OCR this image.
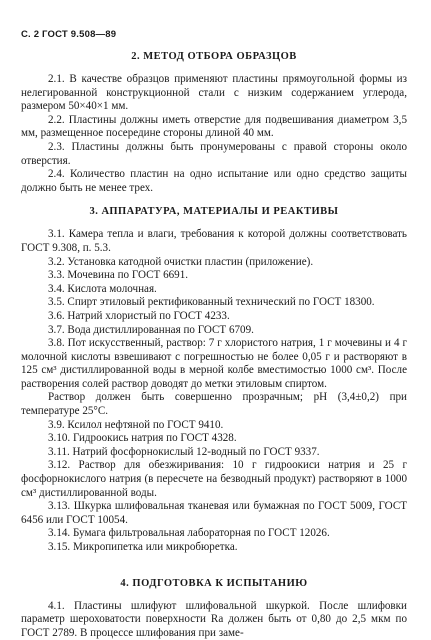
С. 2 ГОСТ 9.508—89
2. МЕТОД ОТБОРА ОБРАЗЦОВ

2.1. В качестве образцов применяют пластины прямоугольной формы из нелегированной конструкционной стали с низким содержанием углерода, размером 50×40×1 мм.

2.2. Пластины должны иметь отверстие для подвешивания диаметром 3,5 мм, размещенное посередине стороны длиной 40 мм.

2.3. Пластины должны быть пронумерованы с правой стороны около отверстия.

2.4. Количество пластин на одно испытание или одно средство защиты должно быть не менее трех.

3. АППАРАТУРА, МАТЕРИАЛЫ И РЕАКТИВЫ

3.1. Камера тепла и влаги, требования к которой должны соответствовать ГОСТ 9.308, п. 5.3.

3.2. Установка катодной очистки пластин (приложение).

3.3. Мочевина по ГОСТ 6691.

3.4. Кислота молочная.

3.5. Спирт этиловый ректификованный технический по ГОСТ 18300.

3.6. Натрий хлористый по ГОСТ 4233.

3.7. Вода дистиллированная по ГОСТ 6709.

3.8. Пот искусственный, раствор: 7 г хлористого натрия, 1 г мочевины и 4 г молочной кислоты взвешивают с погрешностью не более 0,05 г и растворяют в 125 см³ дистиллированной воды в мерной колбе вместимостью 1000 см³. После растворения солей раствор доводят до метки этиловым спиртом.

Раствор должен быть совершенно прозрачным; pH (3,4±0,2) при температуре 25°С.

3.9. Ксилол нефтяной по ГОСТ 9410.

3.10. Гидроокись натрия по ГОСТ 4328.

3.11. Натрий фосфорнокислый 12-водный по ГОСТ 9337.

3.12. Раствор для обезжиривания: 10 г гидроокиси натрия и 25 г фосфорнокислого натрия (в пересчете на безводный продукт) растворяют в 1000 см³ дистиллированной воды.

3.13. Шкурка шлифовальная тканевая или бумажная по ГОСТ 5009, ГОСТ 6456 или ГОСТ 10054.

3.14. Бумага фильтровальная лабораторная по ГОСТ 12026.

3.15. Микропипетка или микробюретка.

4. ПОДГОТОВКА К ИСПЫТАНИЮ

4.1. Пластины шлифуют шлифовальной шкуркой. После шлифовки параметр шероховатости поверхности Ra должен быть от 0,80 до 2,5 мкм по ГОСТ 2789. В процессе шлифования при заме-
